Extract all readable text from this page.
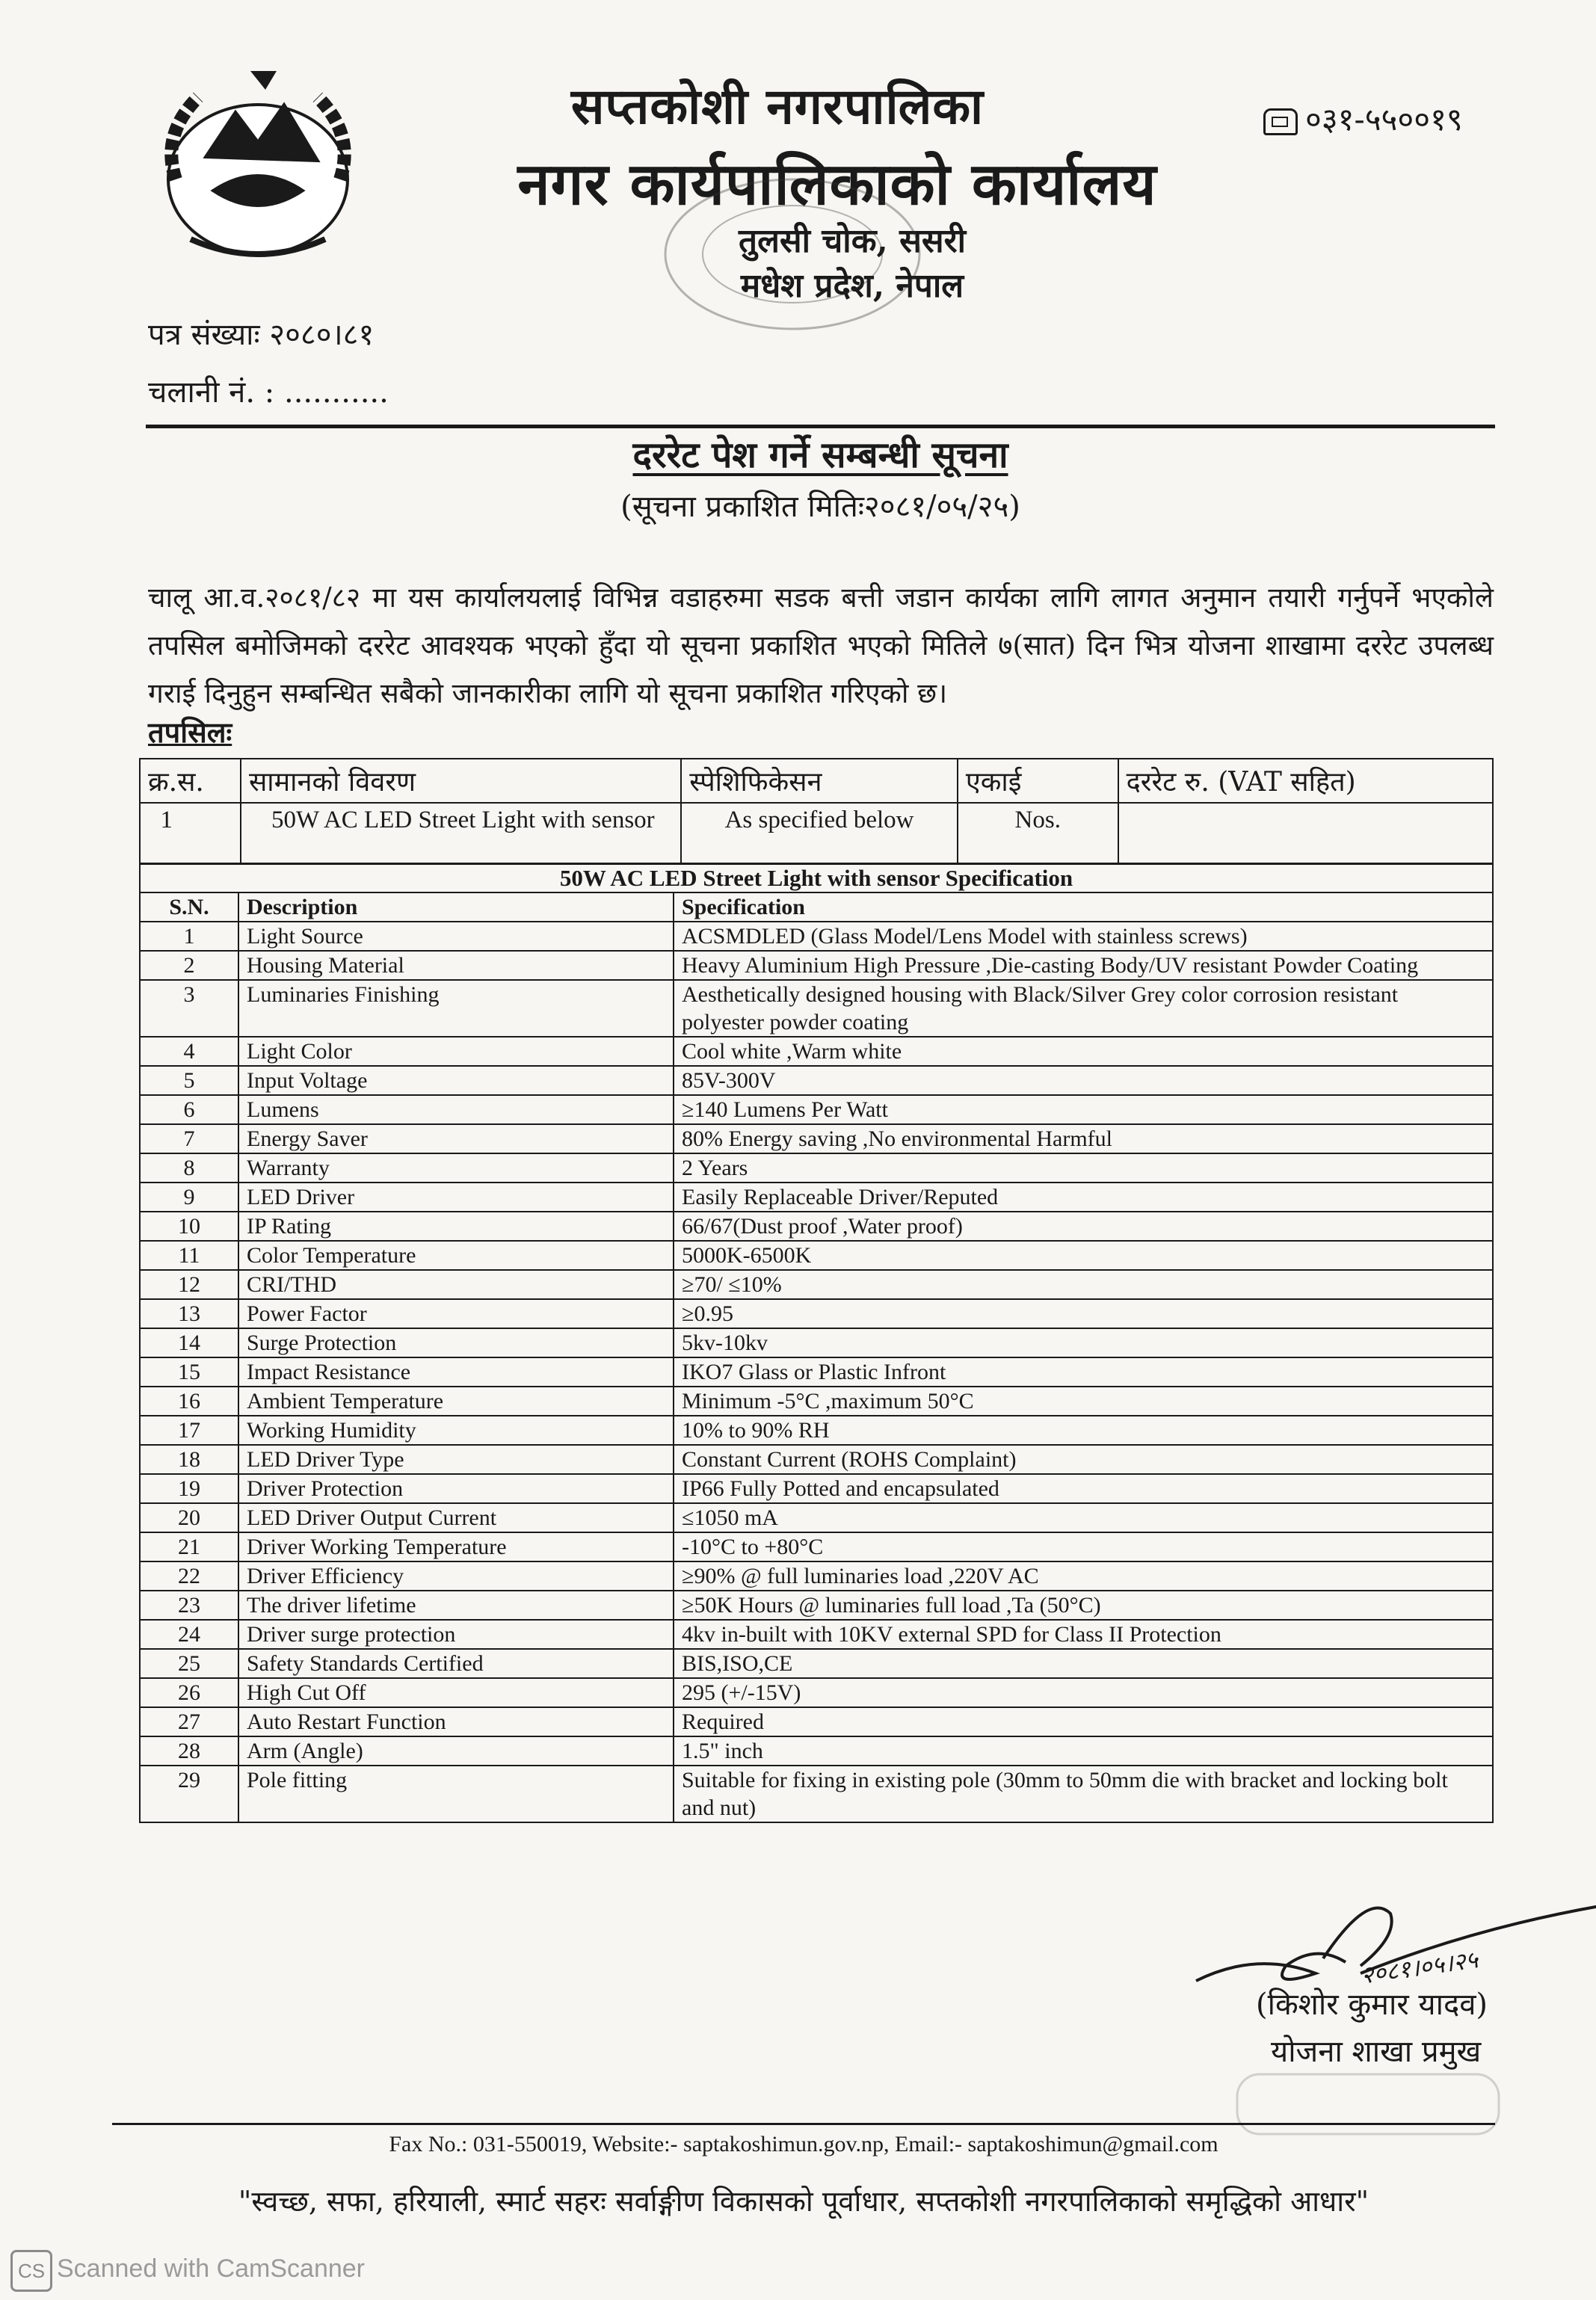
सप्तकोशी नगरपालिका
नगर कार्यपालिकाको कार्यालय
तुलसी चोक, ससरी
मधेश प्रदेश, नेपाल
०३१-५५००१९
पत्र संख्याः २०८०।८१
चलानी नं. : ...........
दररेट पेश गर्ने सम्बन्धी सूचना
(सूचना प्रकाशित मितिः२०८१/०५/२५)
चालू आ.व.२०८१/८२ मा यस कार्यालयलाई विभिन्न वडाहरुमा सडक बत्ती जडान कार्यका लागि लागत अनुमान तयारी गर्नुपर्ने भएकोले तपसिल बमोजिमको दररेट आवश्यक भएको हुँदा यो सूचना प्रकाशित भएको मितिले ७(सात) दिन भित्र योजना शाखामा दररेट उपलब्ध गराई दिनुहुन सम्बन्धित सबैको जानकारीका लागि यो सूचना प्रकाशित गरिएको छ।
तपसिलः
क्र.स.	सामानको विवरण	स्पेशिफिकेसन	एकाई	दररेट रु. (VAT सहित)
1	50W AC LED Street Light with sensor	As specified below	Nos.	
50W AC LED Street Light with sensor Specification		
S.N.	Description	Specification
1	Light Source	ACSMDLED (Glass Model/Lens Model with stainless screws)
2	Housing Material	Heavy Aluminium High Pressure ,Die-casting Body/UV resistant Powder Coating
3	Luminaries Finishing	Aesthetically designed housing with Black/Silver Grey color corrosion resistant polyester powder coating
4	Light Color	Cool white ,Warm white
5	Input Voltage	85V-300V
6	Lumens	≥140 Lumens Per Watt
7	Energy Saver	80% Energy saving ,No environmental Harmful
8	Warranty	2 Years
9	LED Driver	Easily Replaceable Driver/Reputed
10	IP Rating	66/67(Dust proof ,Water proof)
11	Color Temperature	5000K-6500K
12	CRI/THD	≥70/ ≤10%
13	Power Factor	≥0.95
14	Surge Protection	5kv-10kv
15	Impact Resistance	IKO7 Glass or Plastic Infront
16	Ambient Temperature	Minimum -5°C ,maximum 50°C
17	Working Humidity	10% to 90% RH
18	LED Driver Type	Constant Current (ROHS Complaint)
19	Driver Protection	IP66 Fully Potted and encapsulated
20	LED Driver Output Current	≤1050 mA
21	Driver Working Temperature	-10°C to +80°C
22	Driver Efficiency	≥90% @ full luminaries load ,220V AC
23	The driver lifetime	≥50K Hours @ luminaries full load ,Ta (50°C)
24	Driver surge protection	4kv in-built with 10KV external SPD for Class II Protection
25	Safety Standards Certified	BIS,ISO,CE
26	High Cut Off	295 (+/-15V)
27	Auto Restart Function	Required
28	Arm (Angle)	1.5" inch
29	Pole fitting	Suitable for fixing in existing pole (30mm to 50mm die with bracket and locking bolt and nut)
२०८१।०५।२५
(किशोर कुमार यादव)
योजना शाखा प्रमुख
Fax No.: 031-550019, Website:- saptakoshimun.gov.np, Email:- saptakoshimun@gmail.com
"स्वच्छ, सफा, हरियाली, स्मार्ट सहरः सर्वाङ्गीण विकासको पूर्वाधार, सप्तकोशी नगरपालिकाको समृद्धिको आधार"
CS Scanned with CamScanner
